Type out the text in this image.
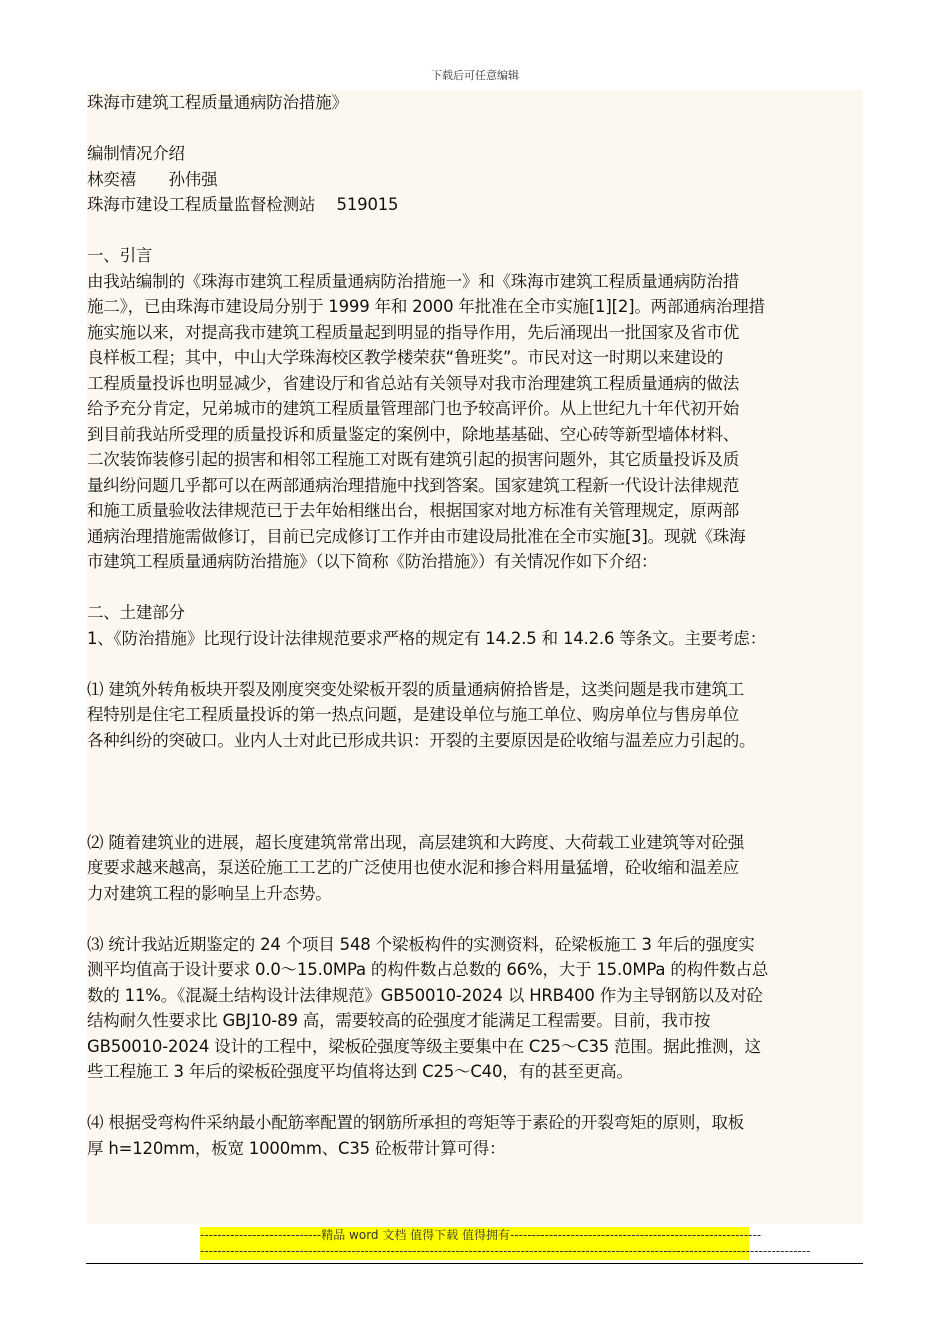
下载后可任意编辑

珠海市建筑工程质量通病防治措施》

编制情况介绍

林奕禧　　孙伟强

珠海市建设工程质量监督检测站　 519015

一、引言

由我站编制的《珠海市建筑工程质量通病防治措施一》和《珠海市建筑工程质量通病防治措
施二》，已由珠海市建设局分别于 1999 年和 2000 年批准在全市实施[1][2]。两部通病治理措
施实施以来，对提高我市建筑工程质量起到明显的指导作用，先后涌现出一批国家及省市优
良样板工程；其中，中山大学珠海校区教学楼荣获“鲁班奖”。市民对这一时期以来建设的
工程质量投诉也明显减少，省建设厅和省总站有关领导对我市治理建筑工程质量通病的做法
给予充分肯定，兄弟城市的建筑工程质量管理部门也予较高评价。从上世纪九十年代初开始
到目前我站所受理的质量投诉和质量鉴定的案例中，除地基基础、空心砖等新型墙体材料、
二次装饰装修引起的损害和相邻工程施工对既有建筑引起的损害问题外，其它质量投诉及质
量纠纷问题几乎都可以在两部通病治理措施中找到答案。国家建筑工程新一代设计法律规范
和施工质量验收法律规范已于去年始相继出台，根据国家对地方标准有关管理规定，原两部
通病治理措施需做修订，目前已完成修订工作并由市建设局批准在全市实施[3]。现就《珠海
市建筑工程质量通病防治措施》（以下简称《防治措施》）有关情况作如下介绍：

二、土建部分

1、《防治措施》比现行设计法律规范要求严格的规定有 14.2.5 和 14.2.6 等条文。主要考虑：

⑴ 建筑外转角板块开裂及刚度突变处梁板开裂的质量通病俯拾皆是，这类问题是我市建筑工
程特别是住宅工程质量投诉的第一热点问题，是建设单位与施工单位、购房单位与售房单位
各种纠纷的突破口。业内人士对此已形成共识：开裂的主要原因是砼收缩与温差应力引起的。
⑵ 随着建筑业的进展，超长度建筑常常出现，高层建筑和大跨度、大荷载工业建筑等对砼强
度要求越来越高，泵送砼施工工艺的广泛使用也使水泥和掺合料用量猛增，砼收缩和温差应
力对建筑工程的影响呈上升态势。
⑶ 统计我站近期鉴定的 24 个项目 548 个梁板构件的实测资料，砼梁板施工 3 年后的强度实
测平均值高于设计要求 0.0～15.0MPa 的构件数占总数的 66%，大于 15.0MPa 的构件数占总
数的 11%。《混凝土结构设计法律规范》GB50010-2024 以 HRB400 作为主导钢筋以及对砼
结构耐久性要求比 GBJ10-89 高，需要较高的砼强度才能满足工程需要。目前，我市按
GB50010-2024 设计的工程中，梁板砼强度等级主要集中在 C25～C35 范围。据此推测，这
些工程施工 3 年后的梁板砼强度平均值将达到 C25～C40，有的甚至更高。
⑷ 根据受弯构件采纳最小配筋率配置的钢筋所承担的弯矩等于素砼的开裂弯矩的原则，取板
厚 h=120mm，板宽 1000mm、C35 砼板带计算可得：
----------------------------精品 word 文档 值得下载 值得拥有----------------------------------------------------------
---------------------------------------------------------------------------------------------------------------------------------------------
